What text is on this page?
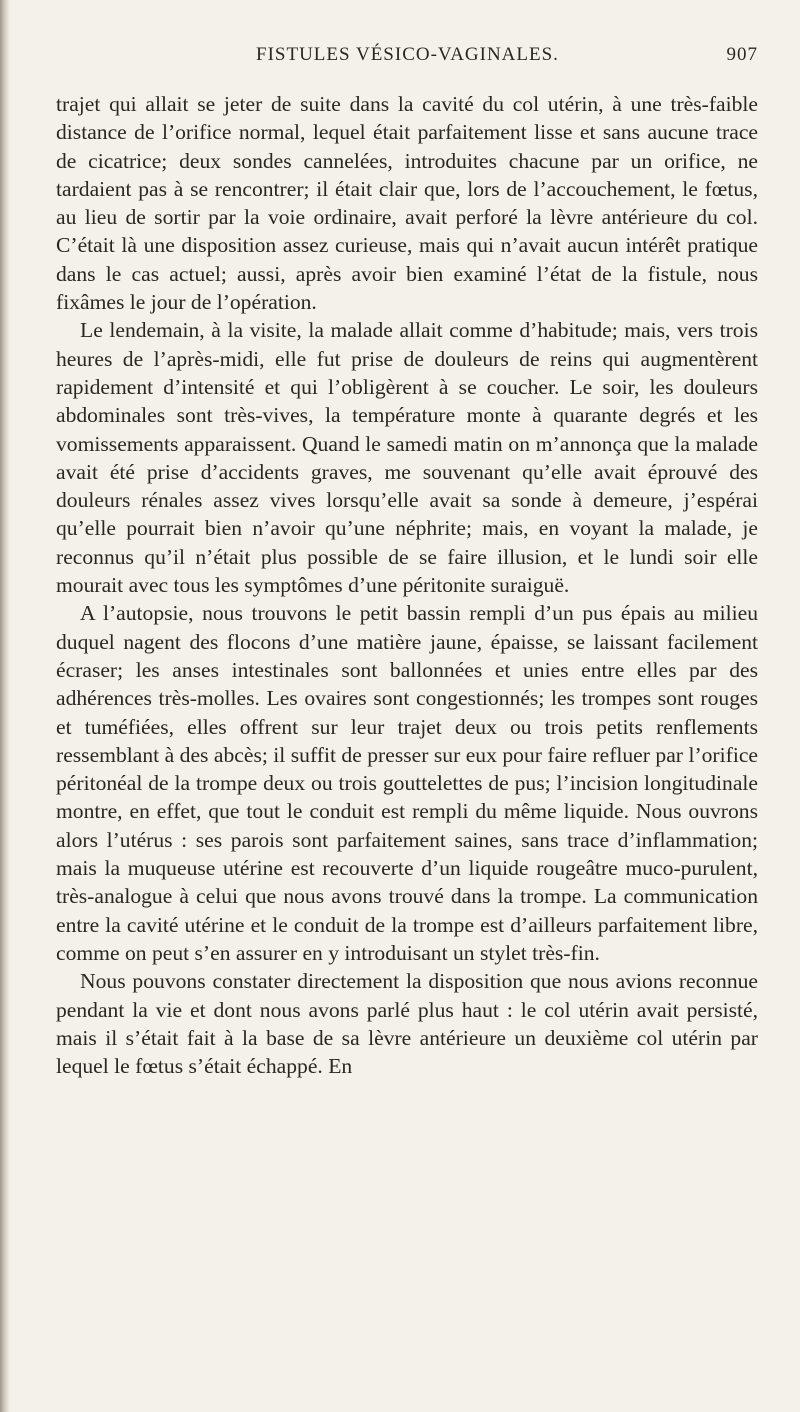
FISTULES VÉSICO-VAGINALES.	907

trajet qui allait se jeter de suite dans la cavité du col utérin, à une très-faible distance de l’orifice normal, lequel était parfaitement lisse et sans aucune trace de cicatrice; deux sondes cannelées, introduites chacune par un orifice, ne tardaient pas à se rencontrer; il était clair que, lors de l’accouchement, le fœtus, au lieu de sortir par la voie ordinaire, avait perforé la lèvre antérieure du col. C’était là une disposition assez curieuse, mais qui n’avait aucun intérêt pratique dans le cas actuel; aussi, après avoir bien examiné l’état de la fistule, nous fixâmes le jour de l’opération.

Le lendemain, à la visite, la malade allait comme d’habitude; mais, vers trois heures de l’après-midi, elle fut prise de douleurs de reins qui augmentèrent rapidement d’intensité et qui l’obligèrent à se coucher. Le soir, les douleurs abdominales sont très-vives, la température monte à quarante degrés et les vomissements apparaissent. Quand le samedi matin on m’annonça que la malade avait été prise d’accidents graves, me souvenant qu’elle avait éprouvé des douleurs rénales assez vives lorsqu’elle avait sa sonde à demeure, j’espérai qu’elle pourrait bien n’avoir qu’une néphrite; mais, en voyant la malade, je reconnus qu’il n’était plus possible de se faire illusion, et le lundi soir elle mourait avec tous les symptômes d’une péritonite suraiguë.

A l’autopsie, nous trouvons le petit bassin rempli d’un pus épais au milieu duquel nagent des flocons d’une matière jaune, épaisse, se laissant facilement écraser; les anses intestinales sont ballonnées et unies entre elles par des adhérences très-molles. Les ovaires sont congestionnés; les trompes sont rouges et tuméfiées, elles offrent sur leur trajet deux ou trois petits renflements ressemblant à des abcès; il suffit de presser sur eux pour faire refluer par l’orifice péritonéal de la trompe deux ou trois gouttelettes de pus; l’incision longitudinale montre, en effet, que tout le conduit est rempli du même liquide. Nous ouvrons alors l’utérus : ses parois sont parfaitement saines, sans trace d’inflammation; mais la muqueuse utérine est recouverte d’un liquide rougeâtre muco-purulent, très-analogue à celui que nous avons trouvé dans la trompe. La communication entre la cavité utérine et le conduit de la trompe est d’ailleurs parfaitement libre, comme on peut s’en assurer en y introduisant un stylet très-fin.

Nous pouvons constater directement la disposition que nous avions reconnue pendant la vie et dont nous avons parlé plus haut : le col utérin avait persisté, mais il s’était fait à la base de sa lèvre antérieure un deuxième col utérin par lequel le fœtus s’était échappé. En
